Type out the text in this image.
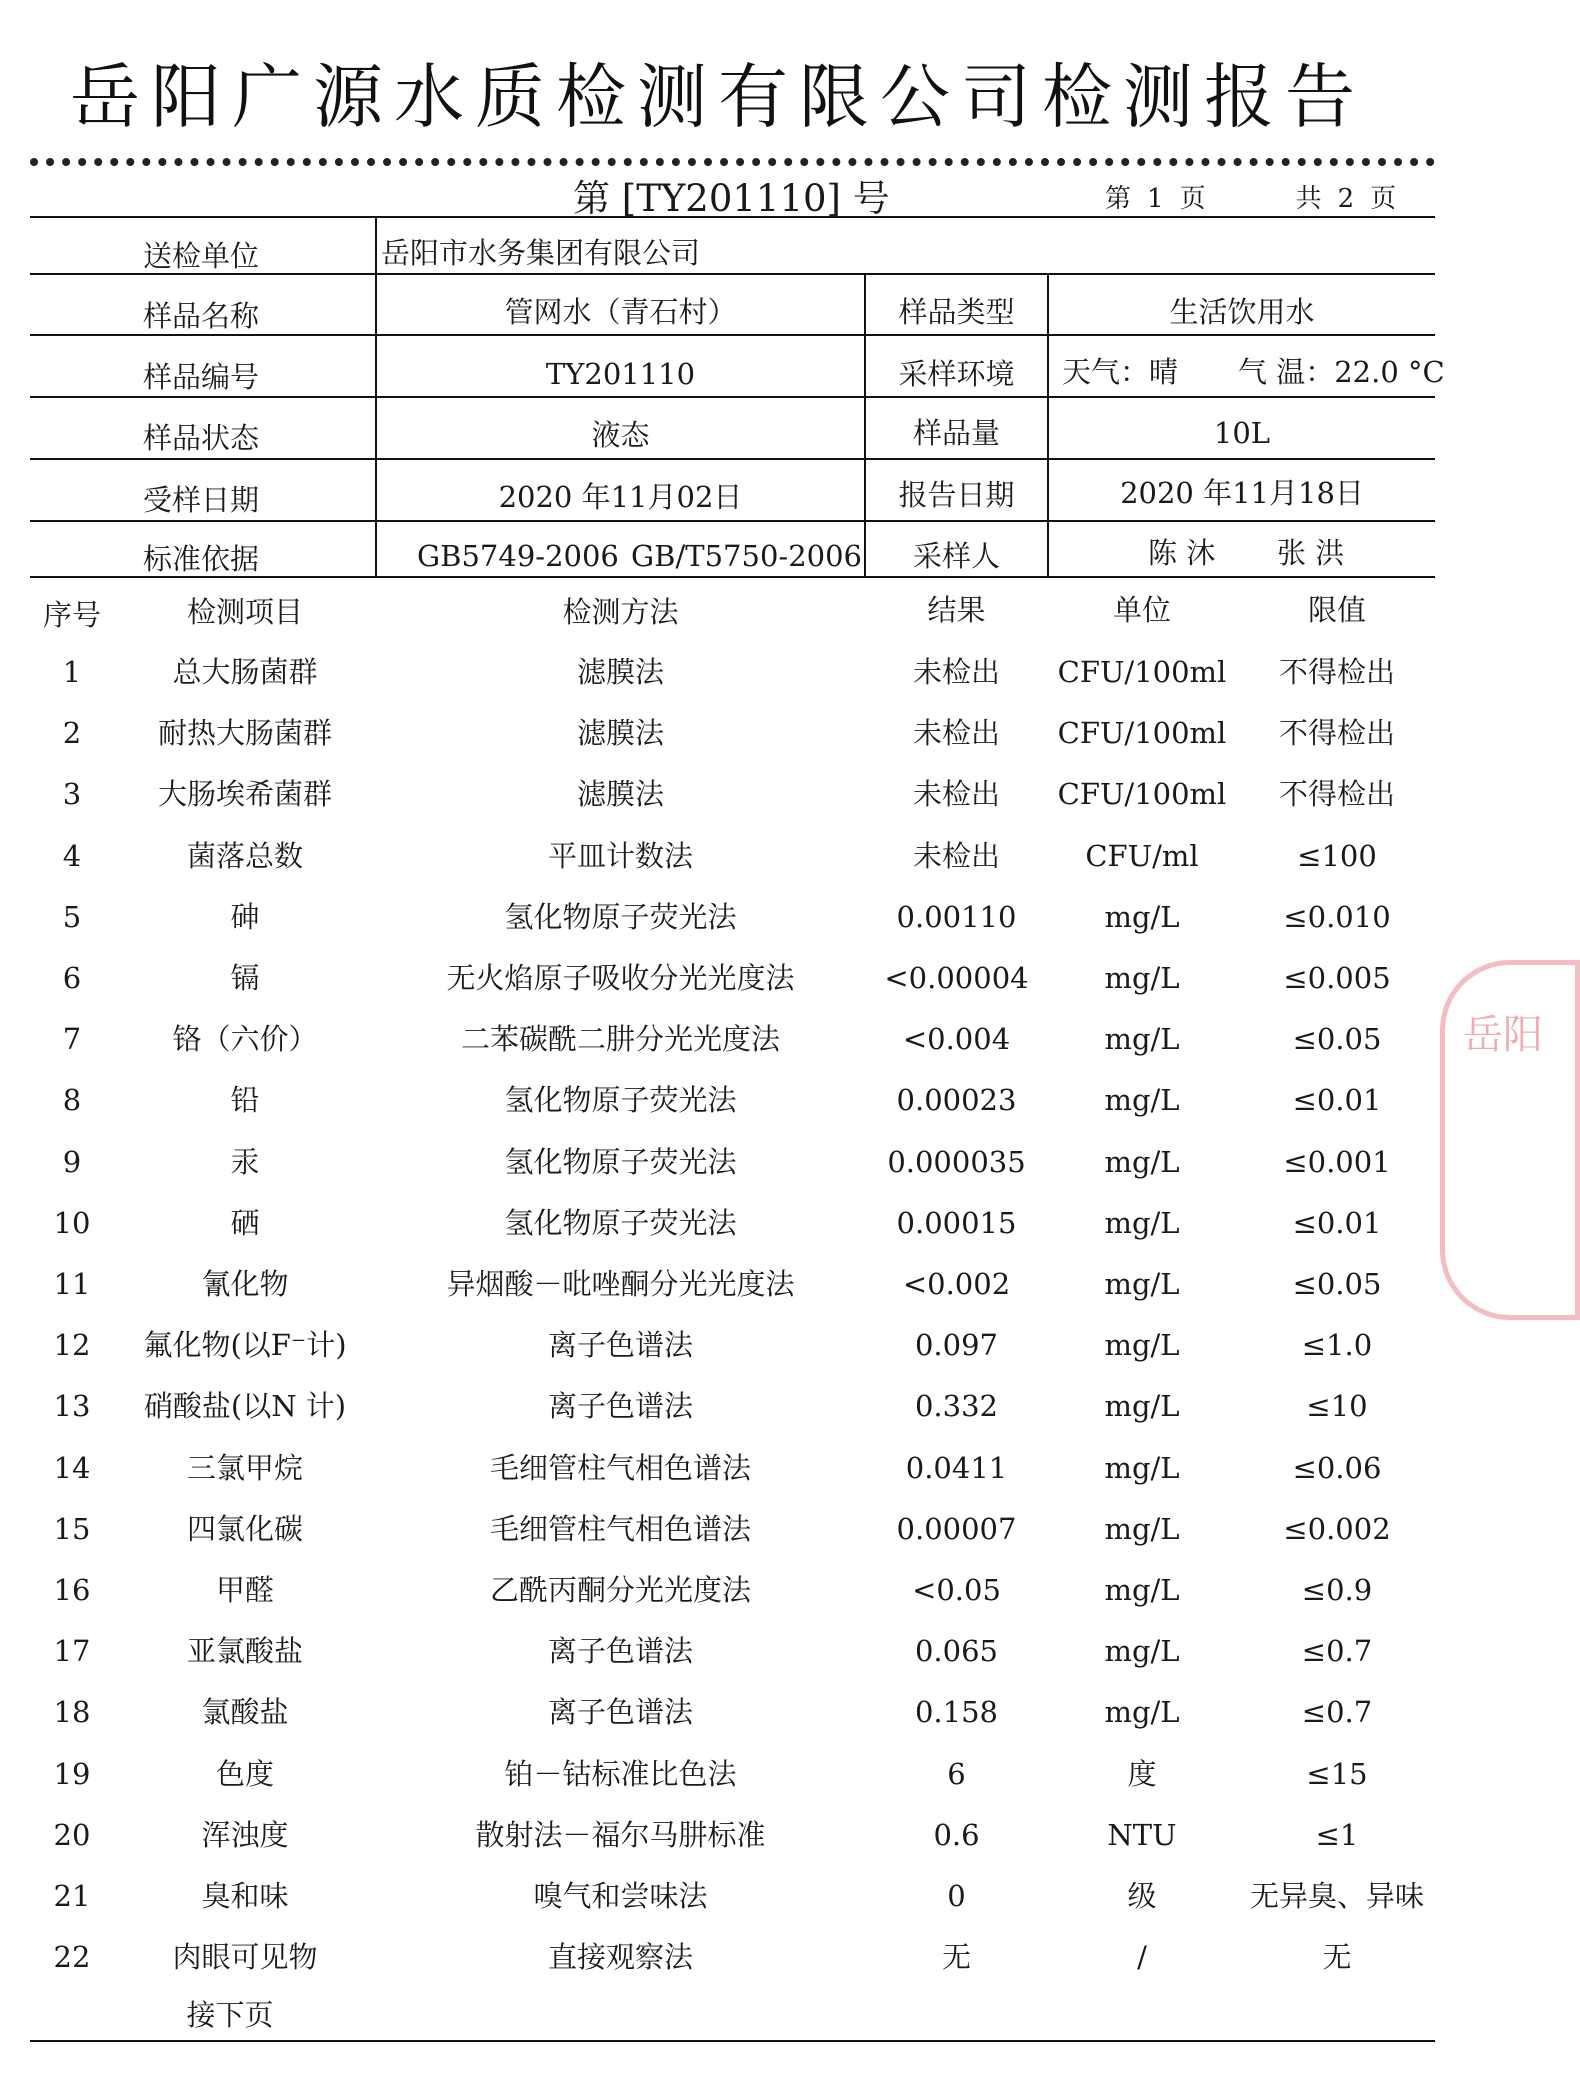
岳阳广源水质检测有限公司检测报告
第 [TY201110] 号	第 1 页	共 2 页
送检单位	岳阳市水务集团有限公司
样品名称	管网水（青石村）	样品类型	生活饮用水
样品编号	TY201110	采样环境	天气：晴 气 温：22.0 °C
样品状态	液态	样品量	10L
受样日期	2020 年11月02日	报告日期	2020 年11月18日
标准依据	GB5749-2006 GB/T5750-2006	采样人	陈 沐 张 洪
序号	检测项目	检测方法	结果	单位	限值
1	总大肠菌群	滤膜法	未检出	CFU/100ml	不得检出
2	耐热大肠菌群	滤膜法	未检出	CFU/100ml	不得检出
3	大肠埃希菌群	滤膜法	未检出	CFU/100ml	不得检出
4	菌落总数	平皿计数法	未检出	CFU/ml	≤100
5	砷	氢化物原子荧光法	0.00110	mg/L	≤0.010
6	镉	无火焰原子吸收分光光度法	<0.00004	mg/L	≤0.005
7	铬（六价）	二苯碳酰二肼分光光度法	<0.004	mg/L	≤0.05
8	铅	氢化物原子荧光法	0.00023	mg/L	≤0.01
9	汞	氢化物原子荧光法	0.000035	mg/L	≤0.001
10	硒	氢化物原子荧光法	0.00015	mg/L	≤0.01
11	氰化物	异烟酸－吡唑酮分光光度法	<0.002	mg/L	≤0.05
12	氟化物(以F⁻计)	离子色谱法	0.097	mg/L	≤1.0
13	硝酸盐(以N 计)	离子色谱法	0.332	mg/L	≤10
14	三氯甲烷	毛细管柱气相色谱法	0.0411	mg/L	≤0.06
15	四氯化碳	毛细管柱气相色谱法	0.00007	mg/L	≤0.002
16	甲醛	乙酰丙酮分光光度法	<0.05	mg/L	≤0.9
17	亚氯酸盐	离子色谱法	0.065	mg/L	≤0.7
18	氯酸盐	离子色谱法	0.158	mg/L	≤0.7
19	色度	铂－钴标准比色法	6	度	≤15
20	浑浊度	散射法－福尔马肼标准	0.6	NTU	≤1
21	臭和味	嗅气和尝味法	0	级	无异臭、异味
22	肉眼可见物	直接观察法	无	/	无
接下页
岳阳
